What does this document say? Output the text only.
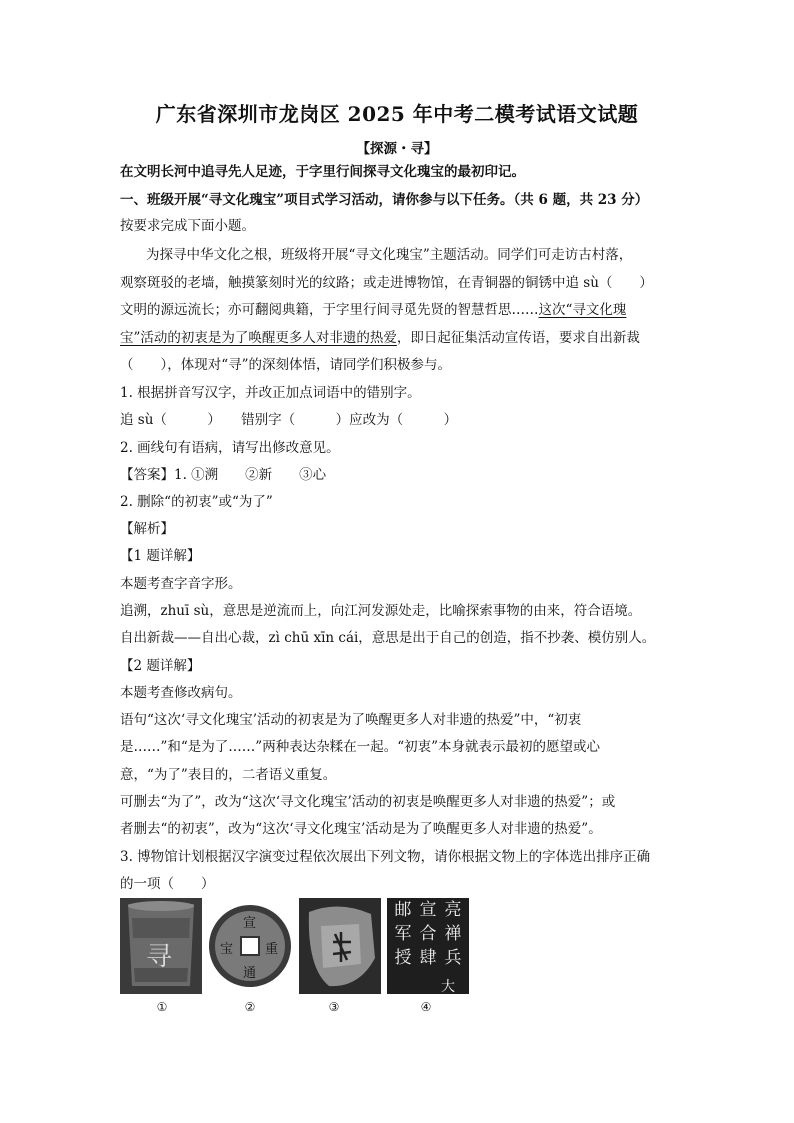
广东省深圳市龙岗区 2025 年中考二模考试语文试题
【探源・寻】
在文明长河中追寻先人足迹，于字里行间探寻文化瑰宝的最初印记。
一、班级开展“寻文化瑰宝”项目式学习活动，请你参与以下任务。（共 6 题，共 23 分）
按要求完成下面小题。
为探寻中华文化之根，班级将开展“寻文化瑰宝”主题活动。同学们可走访古村落，
观察斑驳的老墙，触摸篆刻时光的纹路；或走进博物馆，在青铜器的铜锈中追 sù（　　）
文明的源远流长；亦可翻阅典籍，于字里行间寻觅先贤的智慧哲思……这次“寻文化瑰
宝”活动的初衷是为了唤醒更多人对非遗的热爱，即日起征集活动宣传语，要求自出新裁
（　　），体现对“寻”的深刻体悟，请同学们积极参与。
1. 根据拼音写汉字，并改正加点词语中的错别字。
追 sù（　　　）　　错别字（　　　）应改为（　　　）
2. 画线句有语病，请写出修改意见。
【答案】1. ①溯　　②新　　③心
2. 删除“的初衷”或“为了”
【解析】
【1 题详解】
本题考查字音字形。
追溯，zhuī sù，意思是逆流而上，向江河发源处走，比喻探索事物的由来，符合语境。
自出新裁——自出心裁，zì chū xīn cái，意思是出于自己的创造，指不抄袭、模仿别人。
【2 题详解】
本题考查修改病句。
语句“这次‘寻文化瑰宝’活动的初衷是为了唤醒更多人对非遗的热爱”中，“初衷
是……”和“是为了……”两种表达杂糅在一起。“初衷”本身就表示最初的愿望或心
意，“为了”表目的，二者语义重复。
可删去“为了”，改为“这次‘寻文化瑰宝’活动的初衷是唤醒更多人对非遗的热爱”；或
者删去“的初衷”，改为“这次‘寻文化瑰宝’活动是为了唤醒更多人对非遗的热爱”。
3. 博物馆计划根据汉字演变过程依次展出下列文物，请你根据文物上的字体选出排序正确
的一项（　　）
寻
宣
通
重
宝
邮 宣 亮
军 合 禅
授 肆 兵
大
①	②	③	④
